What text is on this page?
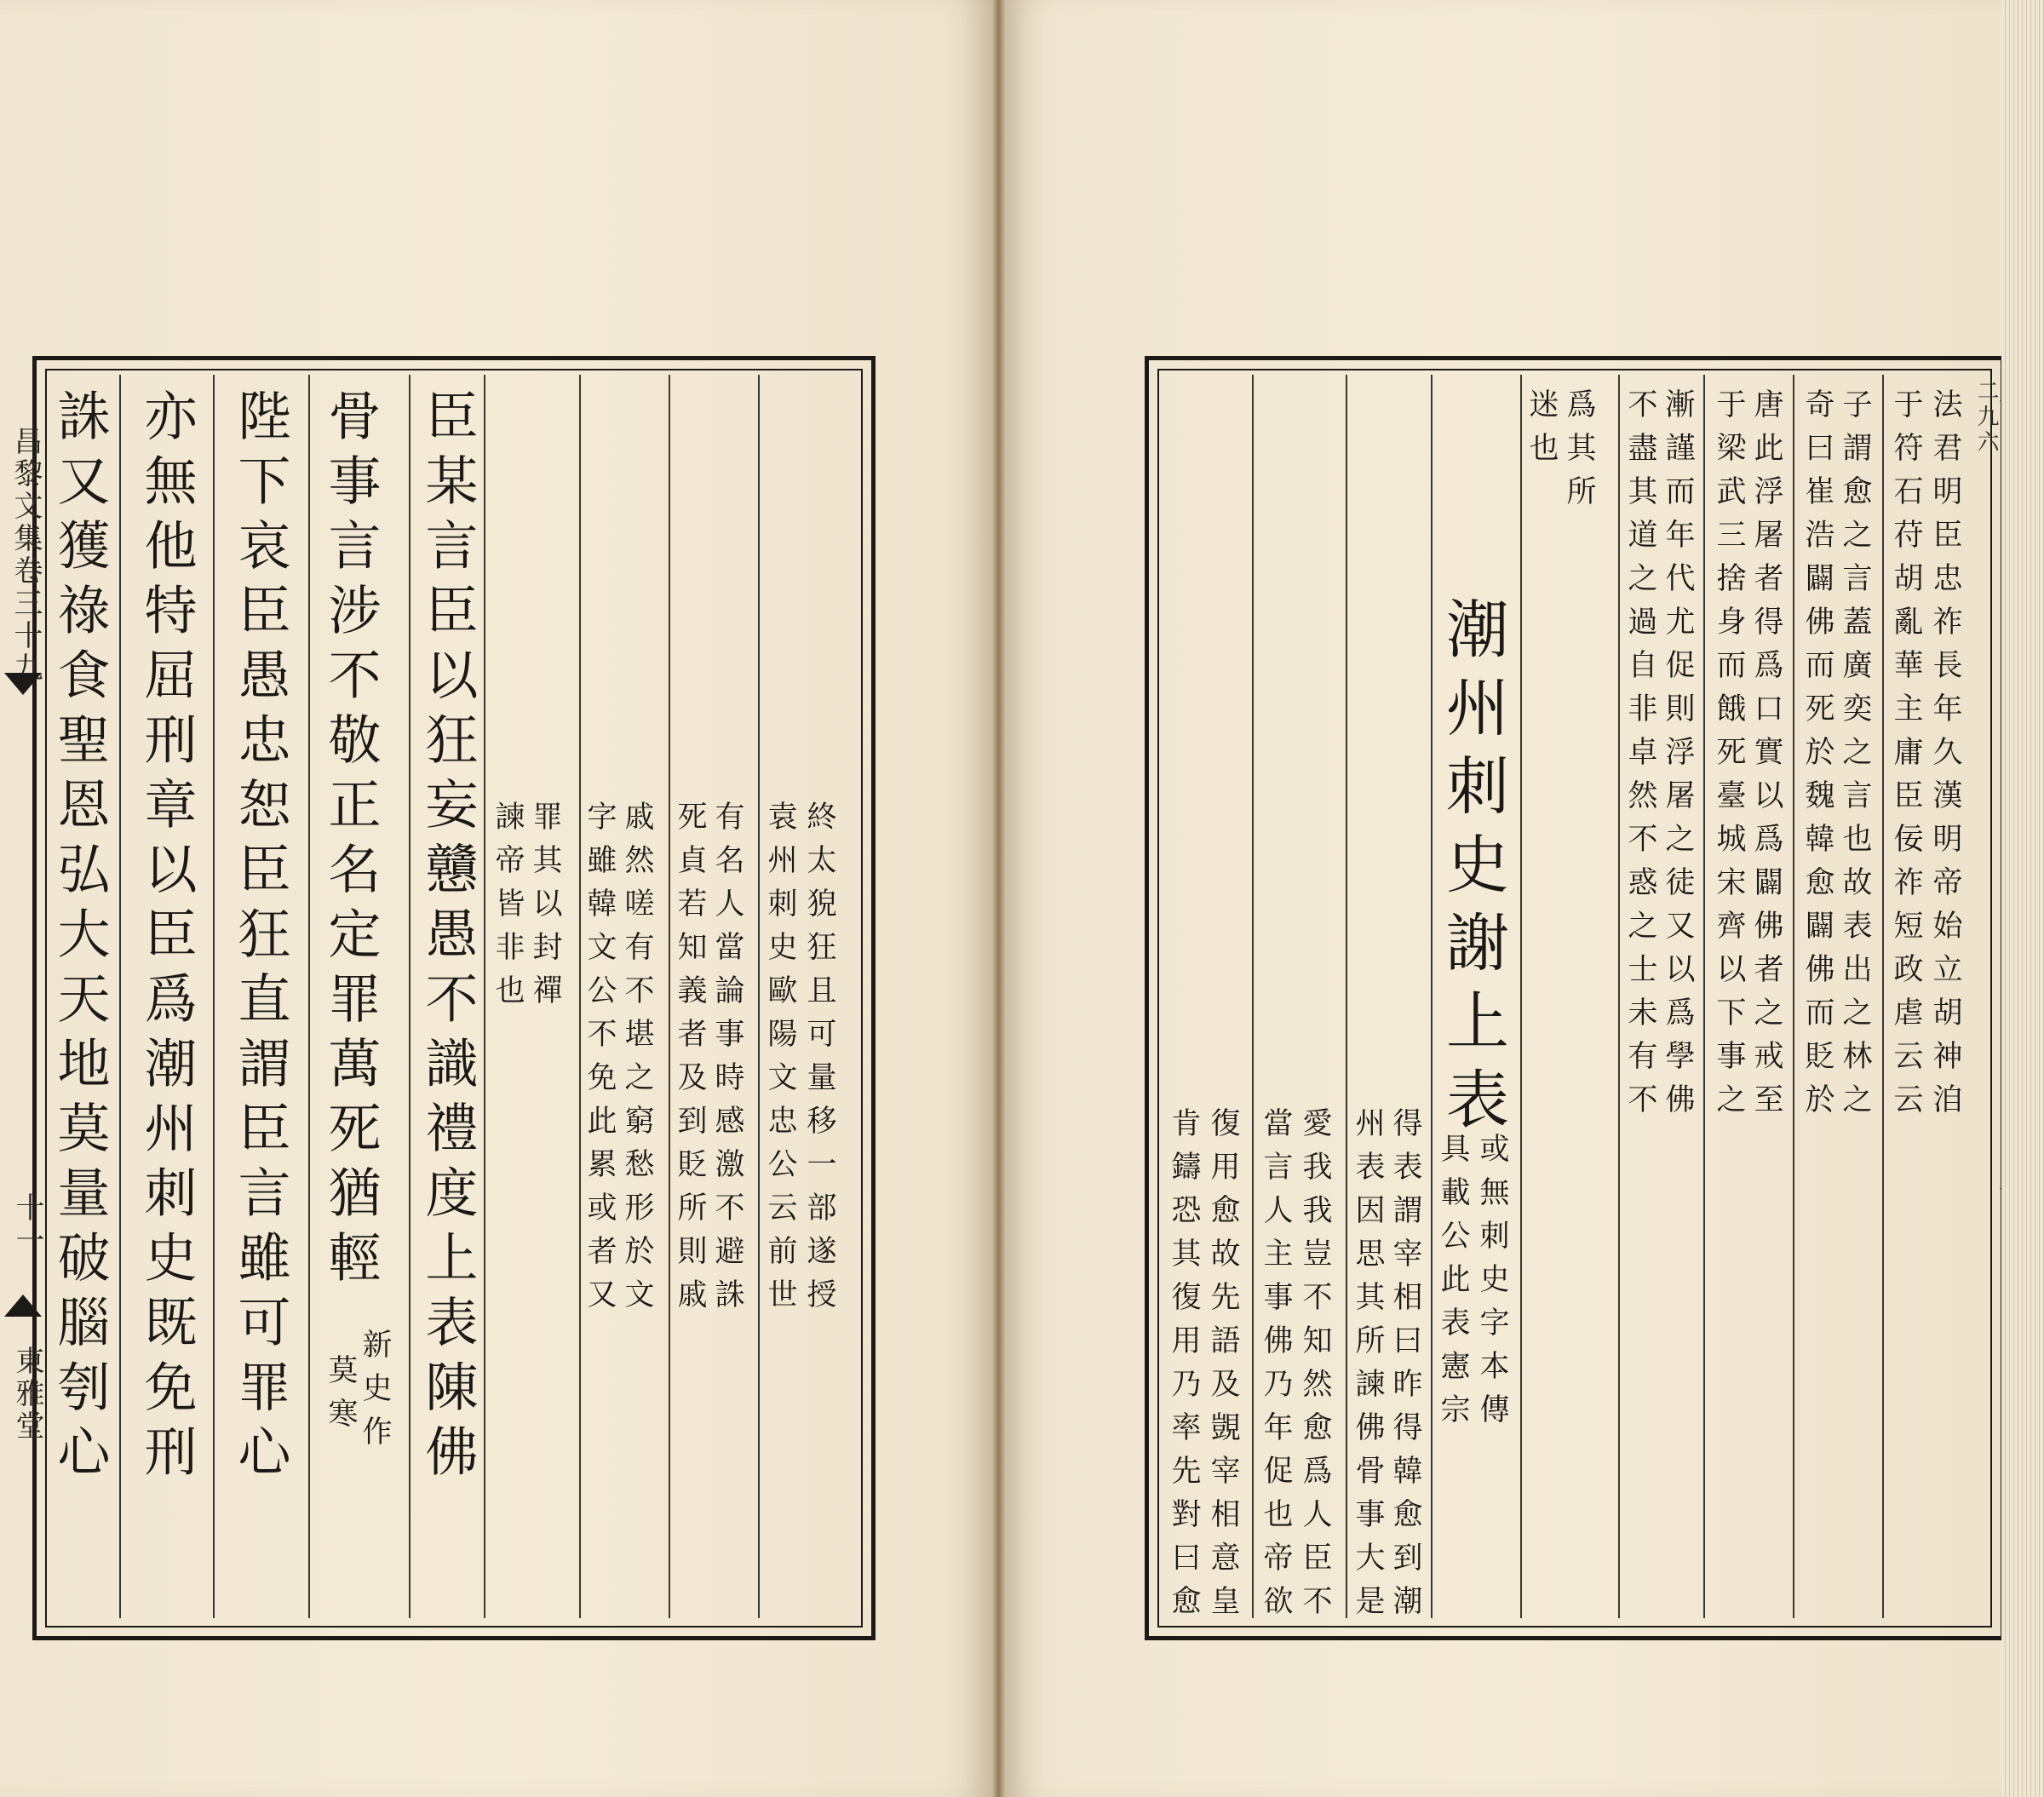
昌黎文集卷三十九
十一
東雅堂 誅又獲祿食聖恩弘大天地莫量破腦刳心 亦無他特屈刑章以臣爲潮州刺史既免刑 陛下哀臣愚忠恕臣狂直謂臣言雖可罪心 骨事言涉不敬正名定罪萬死猶輕
莫寒 新史作 臣某言臣以狂妄戇愚不識禮度上表陳佛 諫帝皆非也 罪其以封禪 字雖韓文公不免此累或者又 戚然嗟有不堪之窮愁形於文 死貞若知義者及到貶所則戚 有名人當論事時感激不避誅 袁州刺史歐陽文忠公云前世 終太㹸狂且可量移一部遂授
肯鑄恐其復用乃率先對曰愈 復用愈故先語及覬宰相意皇 當言人主事佛乃年促也帝欲 愛我我豈不知然愈爲人臣不 州表因思其所諫佛骨事大是 得表謂宰相曰昨得韓愈到潮
潮州刺史謝上表
具載公此表憲宗 或無刺史字本傳
迷也 爲其所 不盡其道之過自非卓然不惑之士未有不 漸謹而年代尤促則浮屠之徒又以爲學佛 于梁武三捨身而餓死臺城宋齊以下事之 唐此浮屠者得爲口實以爲闢佛者之戒至 奇曰崔浩闢佛而死於魏韓愈闢佛而貶於 子謂愈之言蓋廣奕之言也故表出之林之 于符石苻胡亂華主庸臣佞祚短政虐云云 法君明臣忠祚長年久漢明帝始立胡神洎 二九六
